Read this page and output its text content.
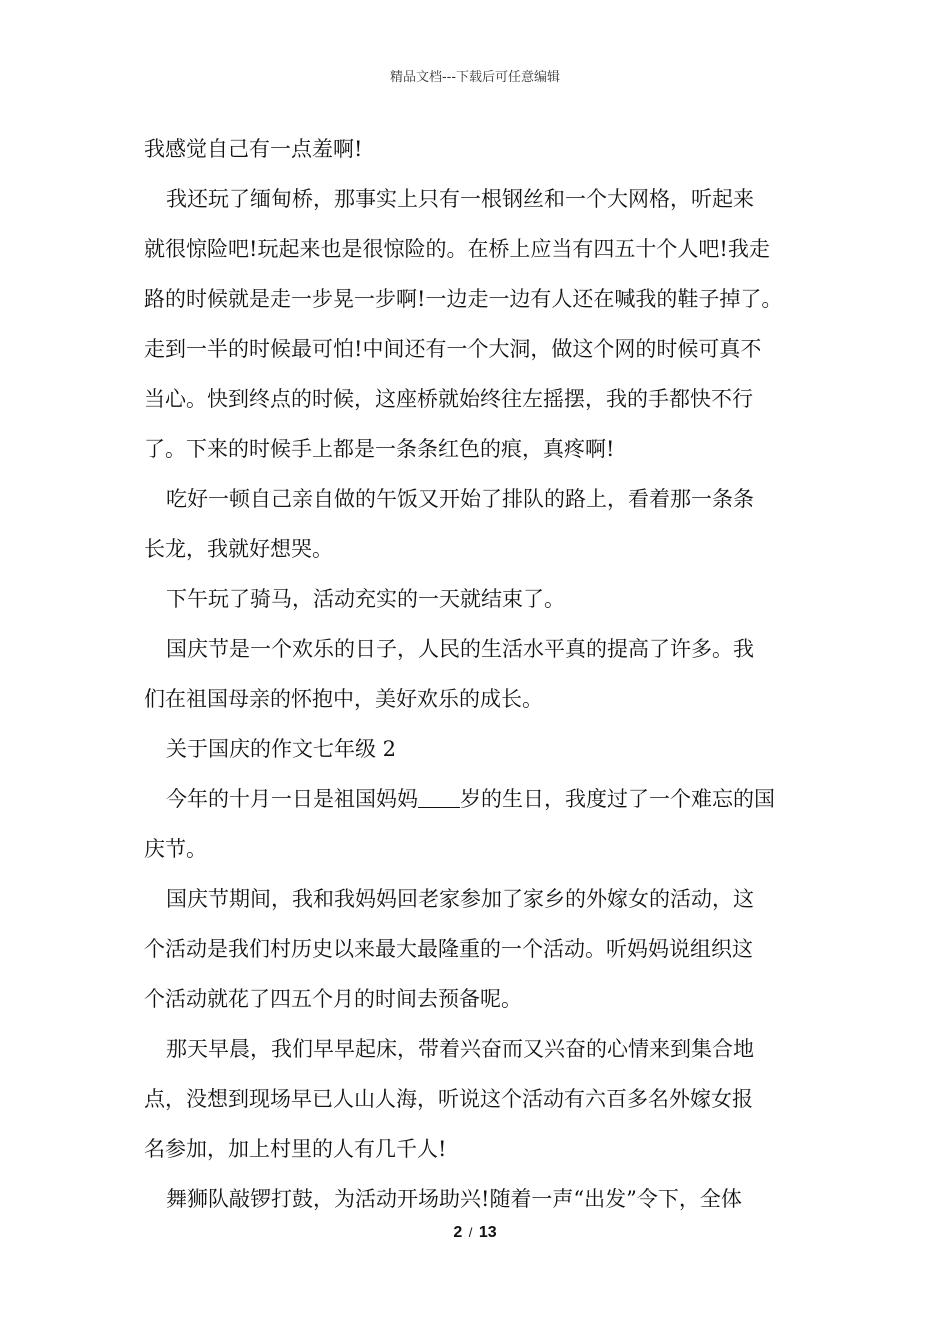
精品文档---下载后可任意编辑
我感觉自己有一点羞啊!
我还玩了缅甸桥，那事实上只有一根钢丝和一个大网格，听起来
就很惊险吧!玩起来也是很惊险的。在桥上应当有四五十个人吧!我走
路的时候就是走一步晃一步啊!一边走一边有人还在喊我的鞋子掉了。
走到一半的时候最可怕!中间还有一个大洞，做这个网的时候可真不
当心。快到终点的时候，这座桥就始终往左摇摆，我的手都快不行
了。下来的时候手上都是一条条红色的痕，真疼啊!
吃好一顿自己亲自做的午饭又开始了排队的路上，看着那一条条
长龙，我就好想哭。
下午玩了骑马，活动充实的一天就结束了。
国庆节是一个欢乐的日子，人民的生活水平真的提高了许多。我
们在祖国母亲的怀抱中，美好欢乐的成长。
关于国庆的作文七年级 2
今年的十月一日是祖国妈妈 岁的生日，我度过了一个难忘的国
庆节。
国庆节期间，我和我妈妈回老家参加了家乡的外嫁女的活动，这
个活动是我们村历史以来最大最隆重的一个活动。听妈妈说组织这
个活动就花了四五个月的时间去预备呢。
那天早晨，我们早早起床，带着兴奋而又兴奋的心情来到集合地
点，没想到现场早已人山人海，听说这个活动有六百多名外嫁女报
名参加，加上村里的人有几千人!
舞狮队敲锣打鼓，为活动开场助兴!随着一声“出发”令下，全体
2 / 13
